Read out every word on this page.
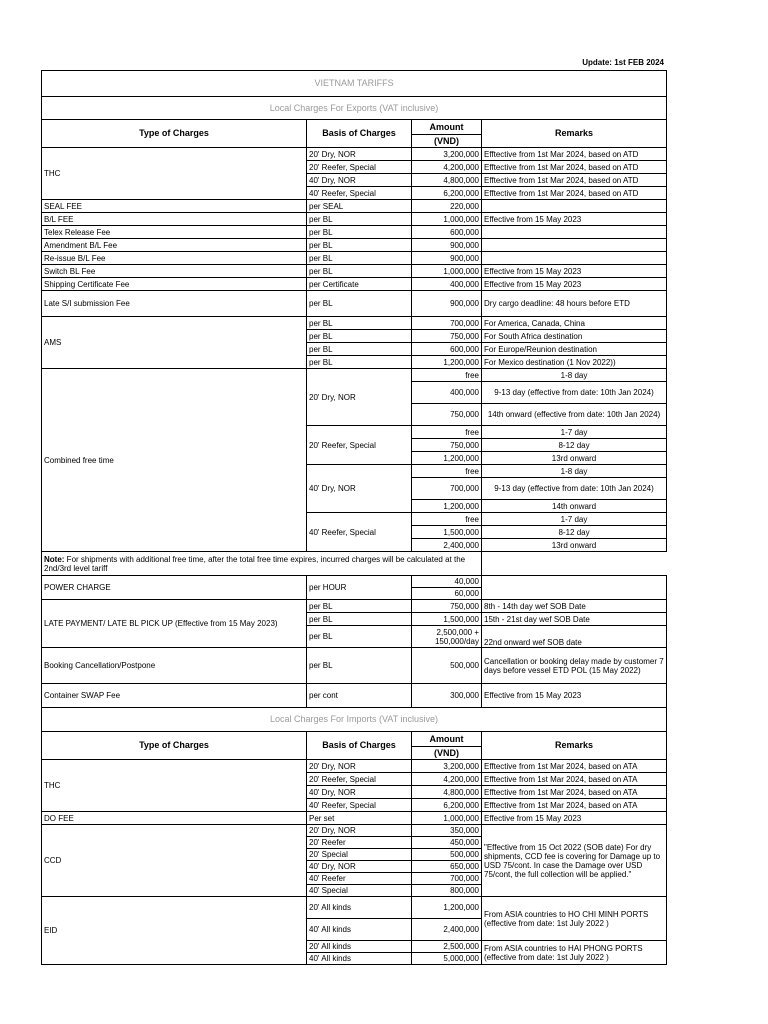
Update: 1st FEB 2024
VIETNAM TARIFFS			
Local Charges For Exports (VAT inclusive)			
Type of Charges	Basis of Charges	Amount	Remarks
		(VND)	
THC	20' Dry, NOR	3,200,000	Efftective from 1st Mar 2024, based on ATD
	20' Reefer, Special	4,200,000	Efftective from 1st Mar 2024, based on ATD
	40' Dry, NOR	4,800,000	Efftective from 1st Mar 2024, based on ATD
	40' Reefer, Special	6,200,000	Efftective from 1st Mar 2024, based on ATD
SEAL FEE	per SEAL	220,000	
B/L FEE	per BL	1,000,000	Effective from 15 May 2023
Telex Release Fee	per BL	600,000	
Amendment B/L Fee	per BL	900,000	
Re-issue B/L Fee	per BL	900,000	
Switch BL Fee	per BL	1,000,000	Effective from 15 May 2023
Shipping Certificate Fee	per Certificate	400,000	Effective from 15 May 2023
Late S/I submission Fee	per BL	900,000	Dry cargo deadline: 48 hours before ETD
AMS	per BL	700,000	For America, Canada, China
	per BL	750,000	For South Africa destination
	per BL	600,000	For Europe/Reunion destination
	per BL	1,200,000	For Mexico destination (1 Nov 2022))
Combined free time	20' Dry, NOR	free	1-8 day
		400,000	9-13 day (effective from date: 10th Jan 2024)
		750,000	14th onward (effective from date: 10th Jan 2024)
	20' Reefer, Special	free	1-7 day
		750,000	8-12 day
		1,200,000	13rd onward
	40' Dry, NOR	free	1-8 day
		700,000	9-13 day (effective from date: 10th Jan 2024)
		1,200,000	14th onward
	40' Reefer, Special	free	1-7 day
		1,500,000	8-12 day
		2,400,000	13rd onward
Note: For shipments with additional free time, after the total free time expires, incurred charges will be calculated at the 2nd/3rd level tariff			
POWER CHARGE	per HOUR	40,000	
		60,000	
LATE PAYMENT/ LATE BL PICK UP (Effective from 15 May 2023)	per BL	750,000	8th - 14th day wef SOB Date
	per BL	1,500,000	15th - 21st day wef SOB Date
	per BL	2,500,000 + 150,000/day	22nd onward wef SOB date
Booking Cancellation/Postpone	per BL	500,000	Cancellation or booking delay made by customer 7 days before vessel ETD POL (15 May 2022)
Container SWAP Fee	per cont	300,000	Effective from 15 May 2023
Local Charges For Imports (VAT inclusive)			
Type of Charges	Basis of Charges	Amount	Remarks
		(VND)	
THC	20' Dry, NOR	3,200,000	Efftective from 1st Mar 2024, based on ATA
	20' Reefer, Special	4,200,000	Efftective from 1st Mar 2024, based on ATA
	40' Dry, NOR	4,800,000	Efftective from 1st Mar 2024, based on ATA
	40' Reefer, Special	6,200,000	Efftective from 1st Mar 2024, based on ATA
DO FEE	Per set	1,000,000	Effective from 15 May 2023
CCD	20' Dry, NOR	350,000	"Effective from 15 Oct 2022 (SOB date) For dry shipments, CCD fee is covering for Damage up to USD 75/cont. In case the Damage over USD 75/cont, the full collection will be applied."
	20' Reefer	450,000	
	20' Special	500,000	
	40' Dry, NOR	650,000	
	40' Reefer	700,000	
	40' Special	800,000	
EID	20' All kinds	1,200,000	From ASIA countries to HO CHI MINH PORTS (effective from date: 1st July 2022 )
	40' All kinds	2,400,000	
	20' All kinds	2,500,000	From ASIA countries to HAI PHONG PORTS (effective from date: 1st July 2022 )
	40' All kinds	5,000,000	
